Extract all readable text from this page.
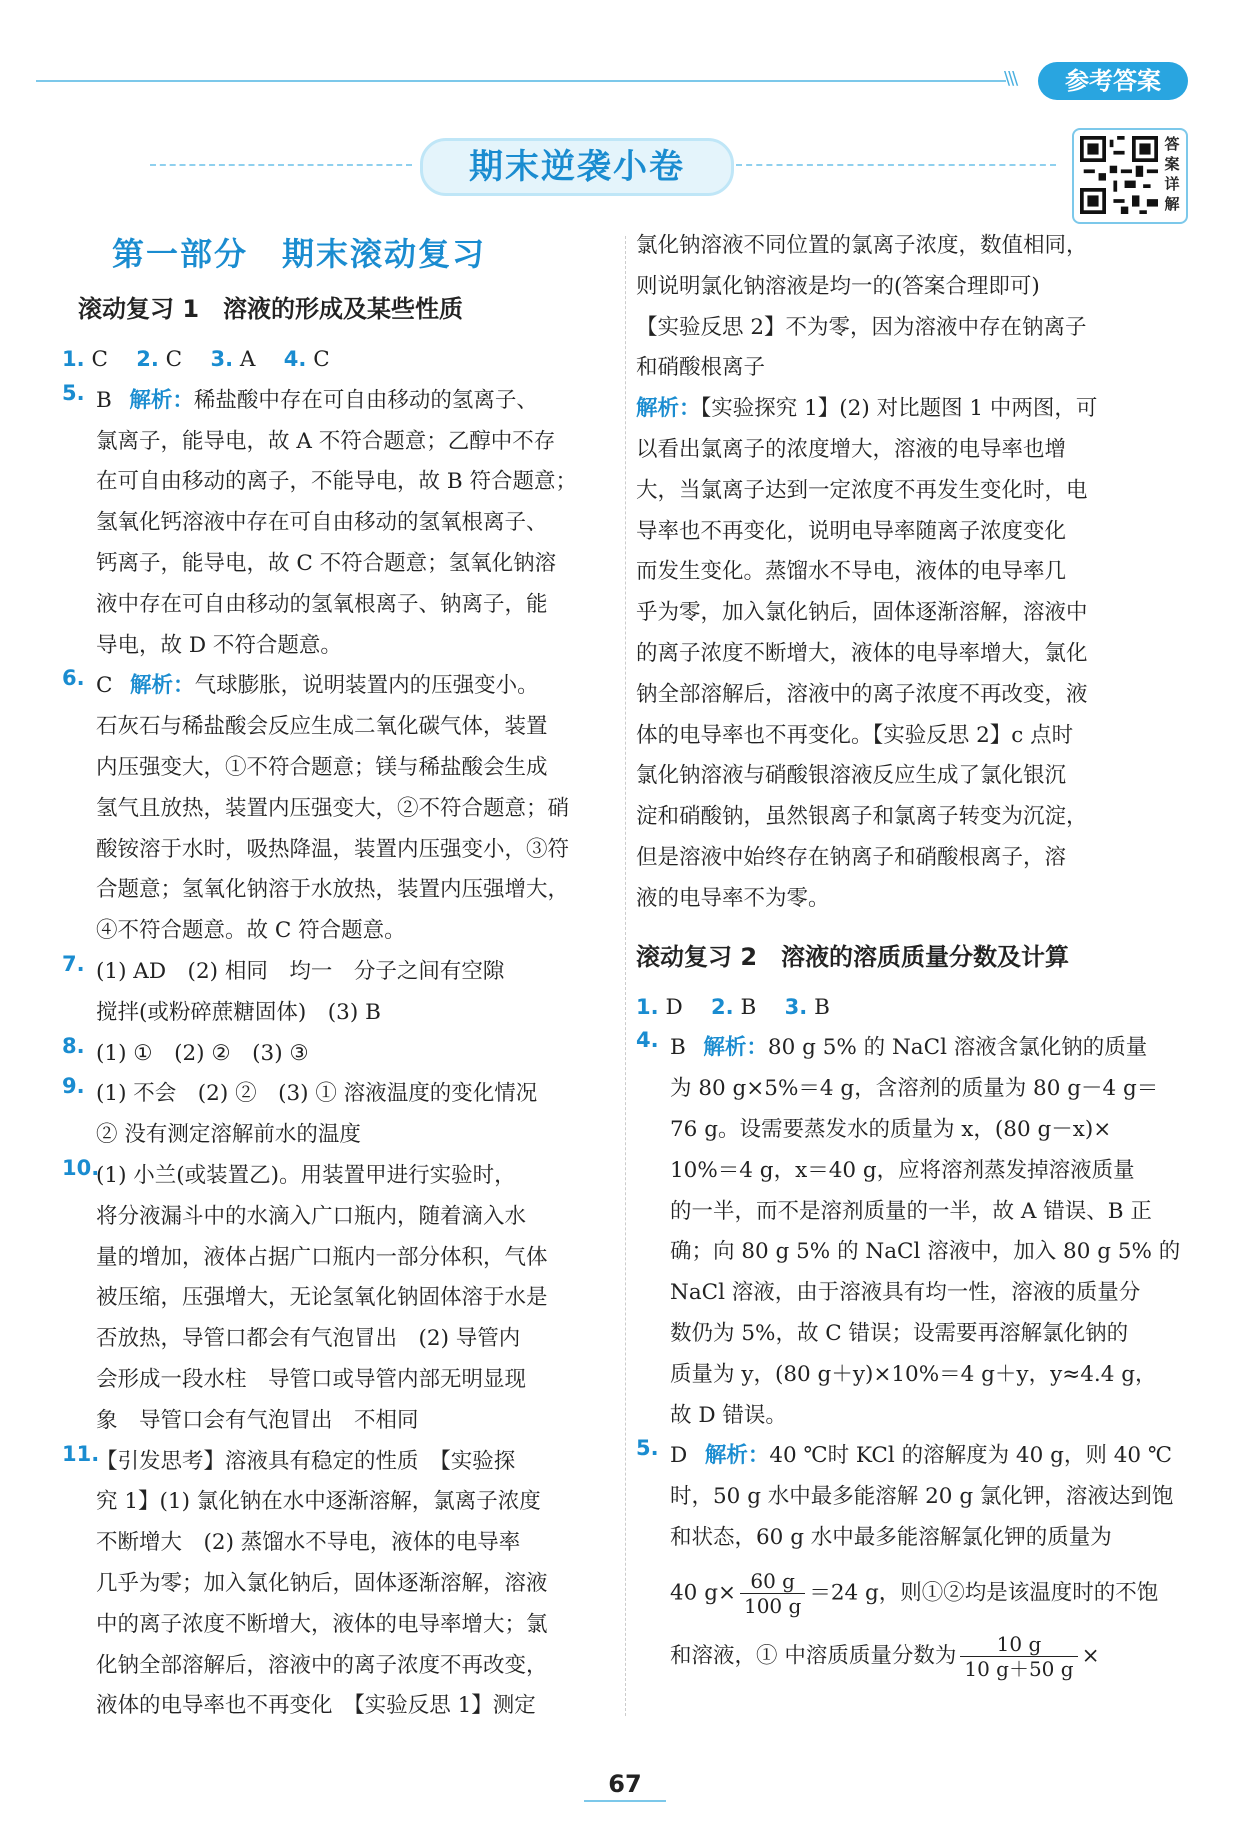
\\\	参考答案
期末逆袭小卷
答案详解
第一部分　期末滚动复习
滚动复习 1　溶液的形成及某些性质
1. C  2. C  3. A  4. C
5. B  解析：稀盐酸中存在可自由移动的氢离子、
氯离子，能导电，故 A 不符合题意；乙醇中不存
在可自由移动的离子，不能导电，故 B 符合题意；
氢氧化钙溶液中存在可自由移动的氢氧根离子、
钙离子，能导电，故 C 不符合题意；氢氧化钠溶
液中存在可自由移动的氢氧根离子、钠离子，能
导电，故 D 不符合题意。
6. C  解析：气球膨胀，说明装置内的压强变小。
石灰石与稀盐酸会反应生成二氧化碳气体，装置
内压强变大，①不符合题意；镁与稀盐酸会生成
氢气且放热，装置内压强变大，②不符合题意；硝
酸铵溶于水时，吸热降温，装置内压强变小，③符
合题意；氢氧化钠溶于水放热，装置内压强增大，
④不符合题意。故 C 符合题意。
7. (1) AD　(2) 相同　均一　分子之间有空隙
搅拌(或粉碎蔗糖固体)　(3) B
8. (1) ①　(2) ②　(3) ③
9. (1) 不会　(2) ②　(3) ① 溶液温度的变化情况
② 没有测定溶解前水的温度
10.
(1) 小兰(或装置乙)。用装置甲进行实验时，
将分液漏斗中的水滴入广口瓶内，随着滴入水
量的增加，液体占据广口瓶内一部分体积，气体
被压缩，压强增大，无论氢氧化钠固体溶于水是
否放热，导管口都会有气泡冒出　(2) 导管内
会形成一段水柱　导管口或导管内部无明显现
象　导管口会有气泡冒出　不相同
11.
【引发思考】溶液具有稳定的性质　【实验探
究 1】(1) 氯化钠在水中逐渐溶解，氯离子浓度
不断增大　(2) 蒸馏水不导电，液体的电导率
几乎为零；加入氯化钠后，固体逐渐溶解，溶液
中的离子浓度不断增大，液体的电导率增大；氯
化钠全部溶解后，溶液中的离子浓度不再改变，
液体的电导率也不再变化　【实验反思 1】测定
氯化钠溶液不同位置的氯离子浓度，数值相同，
则说明氯化钠溶液是均一的(答案合理即可)
【实验反思 2】不为零，因为溶液中存在钠离子
和硝酸根离子
解析：【实验探究 1】(2) 对比题图 1 中两图，可
以看出氯离子的浓度增大，溶液的电导率也增
大，当氯离子达到一定浓度不再发生变化时，电
导率也不再变化，说明电导率随离子浓度变化
而发生变化。蒸馏水不导电，液体的电导率几
乎为零，加入氯化钠后，固体逐渐溶解，溶液中
的离子浓度不断增大，液体的电导率增大，氯化
钠全部溶解后，溶液中的离子浓度不再改变，液
体的电导率也不再变化。【实验反思 2】c 点时
氯化钠溶液与硝酸银溶液反应生成了氯化银沉
淀和硝酸钠，虽然银离子和氯离子转变为沉淀，
但是溶液中始终存在钠离子和硝酸根离子，溶
液的电导率不为零。
滚动复习 2　溶液的溶质质量分数及计算
1. D  2. B  3. B
4. B  解析：80 g 5% 的 NaCl 溶液含氯化钠的质量
为 80 g×5%＝4 g，含溶剂的质量为 80 g－4 g＝
76 g。设需要蒸发水的质量为 x，(80 g－x)×
10%＝4 g，x＝40 g，应将溶剂蒸发掉溶液质量
的一半，而不是溶剂质量的一半，故 A 错误、B 正
确；向 80 g 5% 的 NaCl 溶液中，加入 80 g 5% 的
NaCl 溶液，由于溶液具有均一性，溶液的质量分
数仍为 5%，故 C 错误；设需要再溶解氯化钠的
质量为 y，(80 g＋y)×10%＝4 g＋y，y≈4.4 g，
故 D 错误。
5. D  解析：40 ℃时 KCl 的溶解度为 40 g，则 40 ℃
时，50 g 水中最多能溶解 20 g 氯化钾，溶液达到饱
和状态，60 g 水中最多能溶解氯化钾的质量为
40 $g\times \frac{60 g}{100 g} =24$ g，则①②均是该温度时的不饱
和溶液，① 中溶质质量分数为 $\frac{10 g}{10 g+50 g}$ ×
67
